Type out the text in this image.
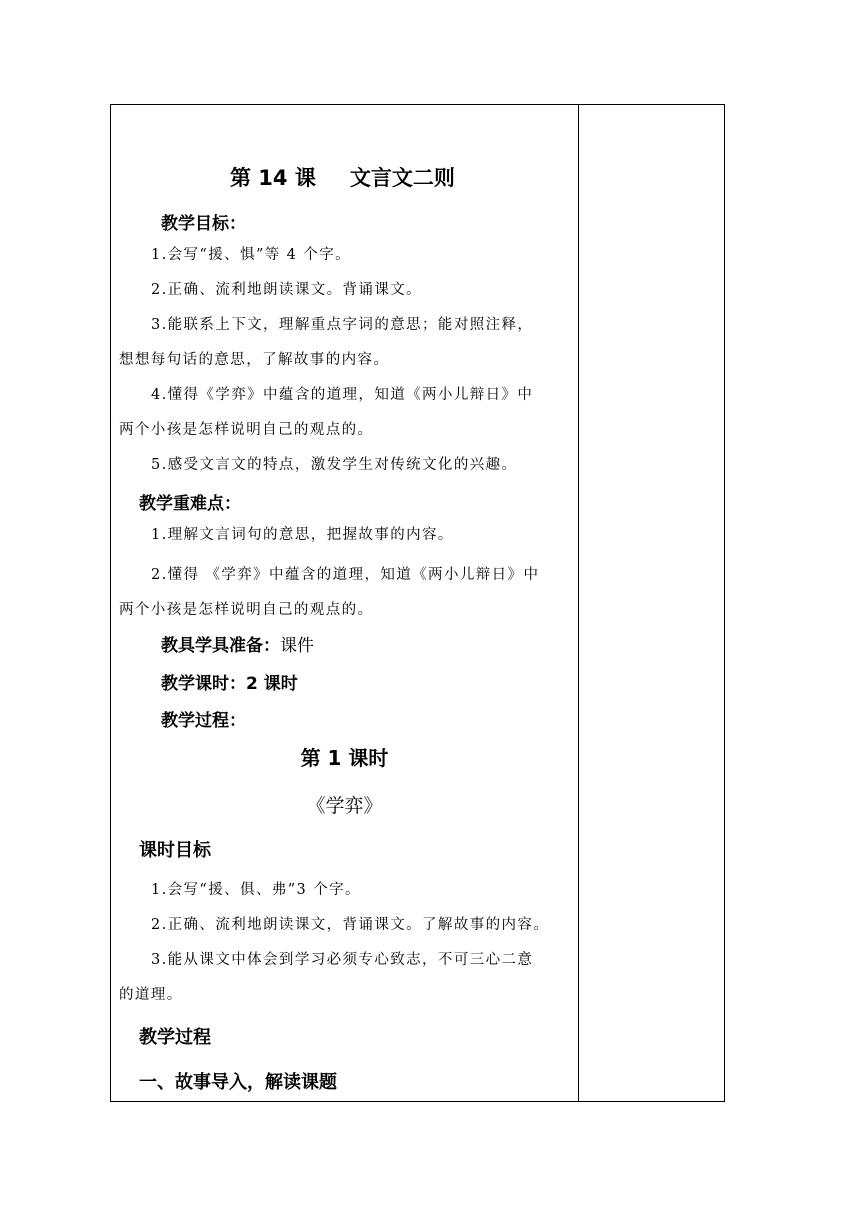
第 14 课 文言文二则
教学目标：
1.会写“援、惧”等 4 个字。
2.正确、流利地朗读课文。背诵课文。
3.能联系上下文，理解重点字词的意思；能对照注释，
想想每句话的意思，了解故事的内容。
4.懂得《学弈》中蕴含的道理，知道《两小儿辩日》中
两个小孩是怎样说明自己的观点的。
5.感受文言文的特点，激发学生对传统文化的兴趣。
教学重难点：
1.理解文言词句的意思，把握故事的内容。
2.懂得 《学弈》中蕴含的道理，知道《两小儿辩日》中
两个小孩是怎样说明自己的观点的。
教具学具准备：课件
教学课时：2 课时
教学过程：
第 1 课时
《学弈》
课时目标
1.会写“援、俱、弗”3 个字。
2.正确、流利地朗读课文，背诵课文。了解故事的内容。
3.能从课文中体会到学习必须专心致志，不可三心二意
的道理。
教学过程
一、故事导入，解读课题
